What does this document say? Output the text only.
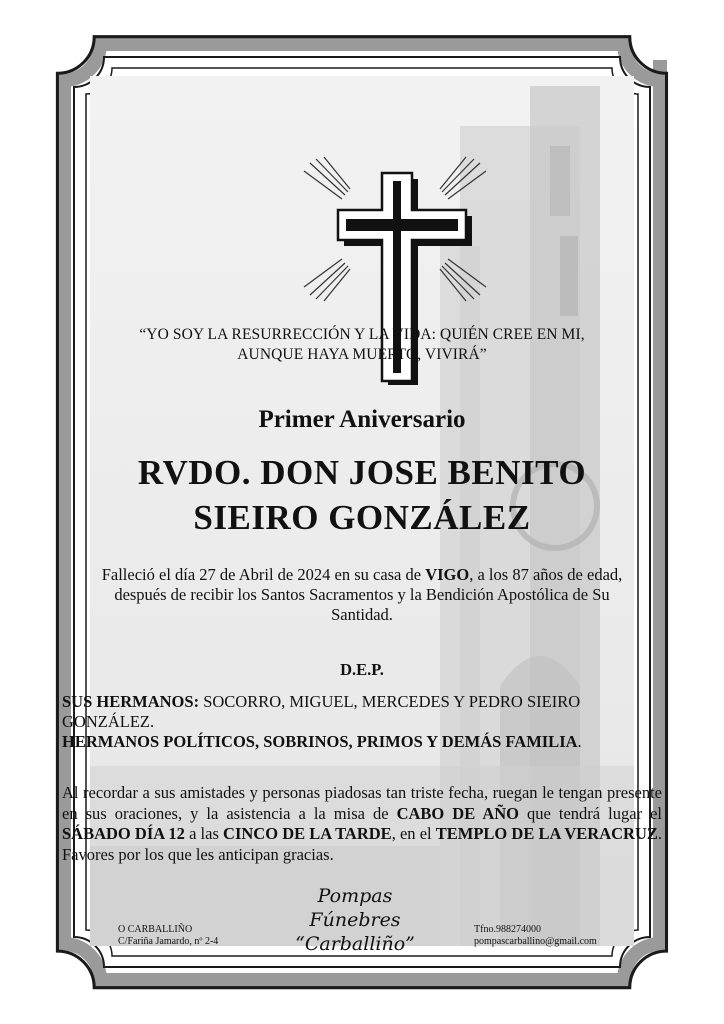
“YO SOY LA RESURRECCIÓN Y LA VIDA: QUIÉN CREE EN MI,
AUNQUE HAYA MUERTO, VIVIRÁ”
Primer Aniversario
RVDO. DON JOSE BENITO
SIEIRO GONZÁLEZ
Falleció el día 27 de Abril de 2024 en su casa de VIGO, a los 87 años de edad,
después de recibir los Santos Sacramentos y la Bendición Apostólica de Su
Santidad.
D.E.P.
SUS HERMANOS: SOCORRO, MIGUEL, MERCEDES Y PEDRO SIEIRO GONZÁLEZ.
HERMANOS POLÍTICOS, SOBRINOS, PRIMOS Y DEMÁS FAMILIA.
Al recordar a sus amistades y personas piadosas tan triste fecha, ruegan le tengan presente en sus oraciones, y la asistencia a la misa de CABO DE AÑO que tendrá lugar el SÁBADO DÍA 12 a las CINCO DE LA TARDE, en el TEMPLO DE LA VERACRUZ. Favores por los que les anticipan gracias.
O CARBALLIÑO
C/Fariña Jamardo, nº 2-4
Pompas Fúnebres
“Carballiño”
Tfno.988274000
pompascarballino@gmail.com
